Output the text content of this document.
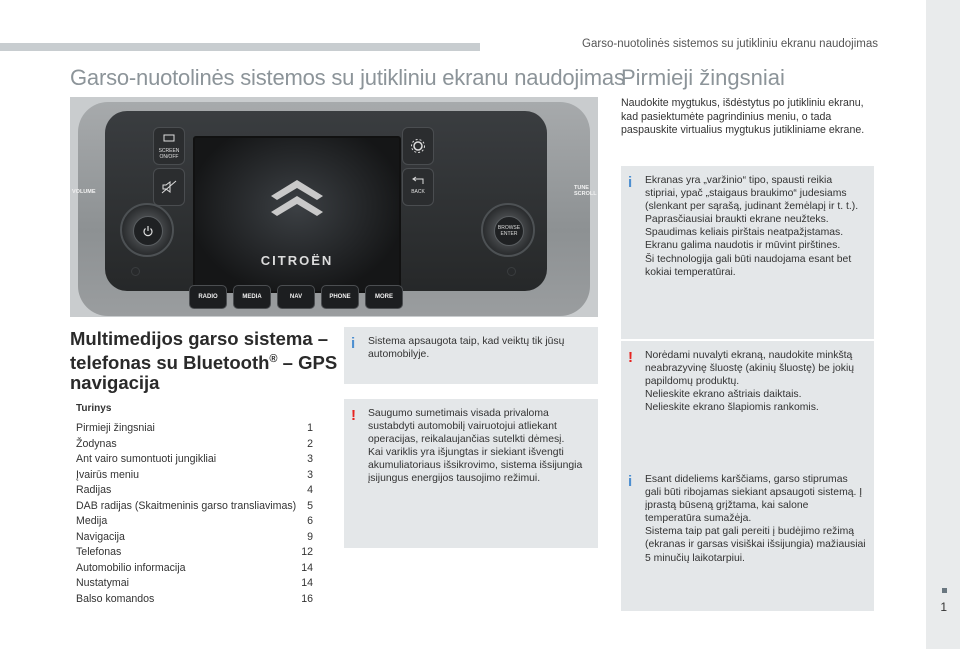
Garso-nuotolinės sistemos su jutikliniu ekranu naudojimas
1
Garso-nuotolinės sistemos su jutikliniu ekranu naudojimas
Pirmieji žingsniai
SCREEN ON/OFF
BACK
CITROËN
BROWSE ENTER
RADIO	MEDIA	NAV	PHONE	MORE
VOLUME
TUNE SCROLL
Multimedijos garso sistema – telefonas su Bluetooth® – GPS navigacija
Turinys
Pirmieji žingsniai	1
Žodynas	2
Ant vairo sumontuoti jungikliai	3
Įvairūs meniu	3
Radijas	4
DAB radijas (Skaitmeninis garso transliavimas) 5
Medija	6
Navigacija	9
Telefonas	12
Automobilio informacija	14
Nustatymai	14
Balso komandos	16
i Sistema apsaugota taip, kad veiktų tik jūsų automobilyje.
! Saugumo sumetimais visada privaloma sustabdyti automobilį vairuotojui atliekant operacijas, reikalaujančias sutelkti dėmesį.
Kai variklis yra išjungtas ir siekiant išvengti akumuliatoriaus išsikrovimo, sistema išsijungia įsijungus energijos tausojimo režimui.
Naudokite mygtukus, išdėstytus po jutikliniu ekranu, kad pasiektumėte pagrindinius meniu, o tada paspauskite virtualius mygtukus jutikliniame ekrane.
i Ekranas yra „varžinio“ tipo, spausti reikia stipriai, ypač „staigaus braukimo“ judesiams (slenkant per sąrašą, judinant žemėlapį ir t. t.). Paprasčiausiai braukti ekrane neužteks.
Spaudimas keliais pirštais neatpažįstamas.
Ekranu galima naudotis ir mūvint pirštines.
Ši technologija gali būti naudojama esant bet kokiai temperatūrai.
! Norėdami nuvalyti ekraną, naudokite minkštą neabrazyvinę šluostę (akinių šluostę) be jokių papildomų produktų.
Nelieskite ekrano aštriais daiktais.
Nelieskite ekrano šlapiomis rankomis.
i Esant dideliems karščiams, garso stiprumas gali būti ribojamas siekiant apsaugoti sistemą. Į įprastą būseną grįžtama, kai salone temperatūra sumažėja.
Sistema taip pat gali pereiti į budėjimo režimą (ekranas ir garsas visiškai išsijungia) mažiausiai 5 minučių laikotarpiui.
